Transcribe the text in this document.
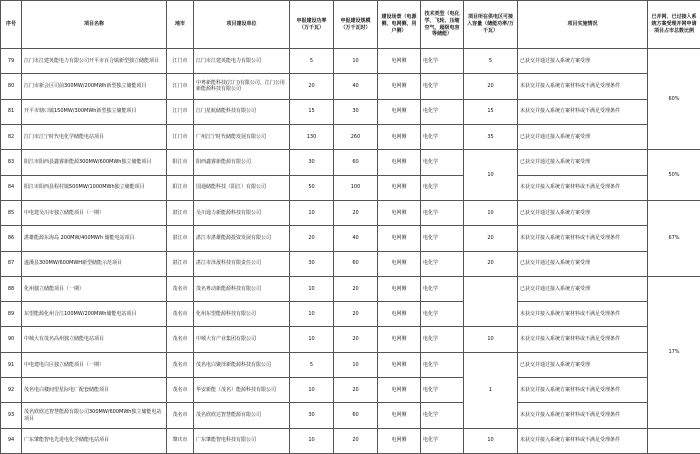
序号	项目名称	地市	项目建设单位	申报建设功率（万千瓦）	申报建设规模（万千瓦时）	建设场景（电源侧、电网侧、用户侧）	技术类型（电化学、飞轮、压缩空气、超级电容等储能）	项目所在供电区可接入容量（储能功率/万千瓦）	项目实施情况	已并网、已过接入系统方案受理并网申请项目占市总数比例
79	江门市江建英能电力有限公司开平市百合镇新型独立储能项目	江门市	江门市江建英能电力有限公司	5	10	电网侧	电化学	5	已获交并通过接入系统方案受理	60%
80	江门市新会区司前300MW/200MWh新型独立储能项目	江门市	中粤新能科技(江门)有限公司、江门公用新能源科技有限公司	20	40	电网侧	电化学	20	未获交并接入系统方案材料或不满足受理条件	
81	开平市塘口镇150MW/300MWh新型独立储能项目	江门市	江门星航储能科技有限公司	15	30	电网侧	电化学	15	未获交并接入系统方案材料或不满足受理条件	
82	江门市江宁时代电化学储能电站项目	江门市	广州江宁时代储能发展有限公司	130	260	电网侧	电化学	35	已获交并通过接入系统方案受理	
83	阳江市阳西县鑫睿新能源300MW/600MWh独立储能项目	阳江市	阳西鑫睿新能源有限公司	30	60	电网侧	电化学	10	已获交并通过接入系统方案受理	50%
84	阳江市阳西县程村镇500MW/1000MWh独立储能项目	阳江市	国通储能科技（阳江）有限公司	50	100	电网侧	电化学		未获交并接入系统方案材料或不满足受理条件	
85	中电建吴川市独立储能项目（一期）	湛江市	吴川通力新能源科技有限公司	10	20	电网侧	电化学	10	已获交并通过接入系统方案受理	67%
86	湛雄能源东海岛 200MW/400MWh 储能电站项目	湛江市	湛江市湛雄能源投资发展有限公司	20	40	电网侧	电化学	20	未获交并接入系统方案材料或不满足受理条件	
87	遂溪县300MW/600MWH新型储能示范项目	湛江市	湛江市泽晟科技有限责任公司	30	60	电网侧	电化学	20	已获交并通过接入系统方案受理	
88	化州独立储能项目（一期）	茂名市	茂名粤动新能源科技有限公司	10	20	电网侧	电化学		已获交并通过接入系统方案受理	17%
89	东望能源化州合江100MW/200MWh储能电站项目	茂名市	化州东望能源科技有限公司	10	20	电网侧	电化学		未获交并接入系统方案材料或不满足受理条件	
90	中城大有茂名高州独立储能电站项目	茂名市	中城大有产业集团有限公司	10	20	电网侧	电化学	10	未获交并接入系统方案材料或不满足受理条件	
91	中电建电白区独立储能项目（一期）	茂名市	茂名电白聚泽新能源科技有限公司	5	10	电网侧	电化学	1	已获交并通过接入系统方案受理	
92	茂名电白楼间望星际电厂配套储能项目	茂名市	华安新能（茂名）能源科技有限公司	10	20	电网侧	电化学		未获交并接入系统方案材料或不满足受理条件	
93	茂名欣欣达智慧能源有限公司300MW/600MWh独立储能电站项目	茂名市	茂名欣欣达智慧能源有限公司	30	60	电网侧	电化学		未获交并接入系统方案材料或不满足受理条件	
94	广东肇能智电先进电化学储能电站项目	肇庆市	广东肇能智电科技有限公司	10	20	电网侧	电化学	10	未获交并接入系统方案材料或不满足受理条件	
